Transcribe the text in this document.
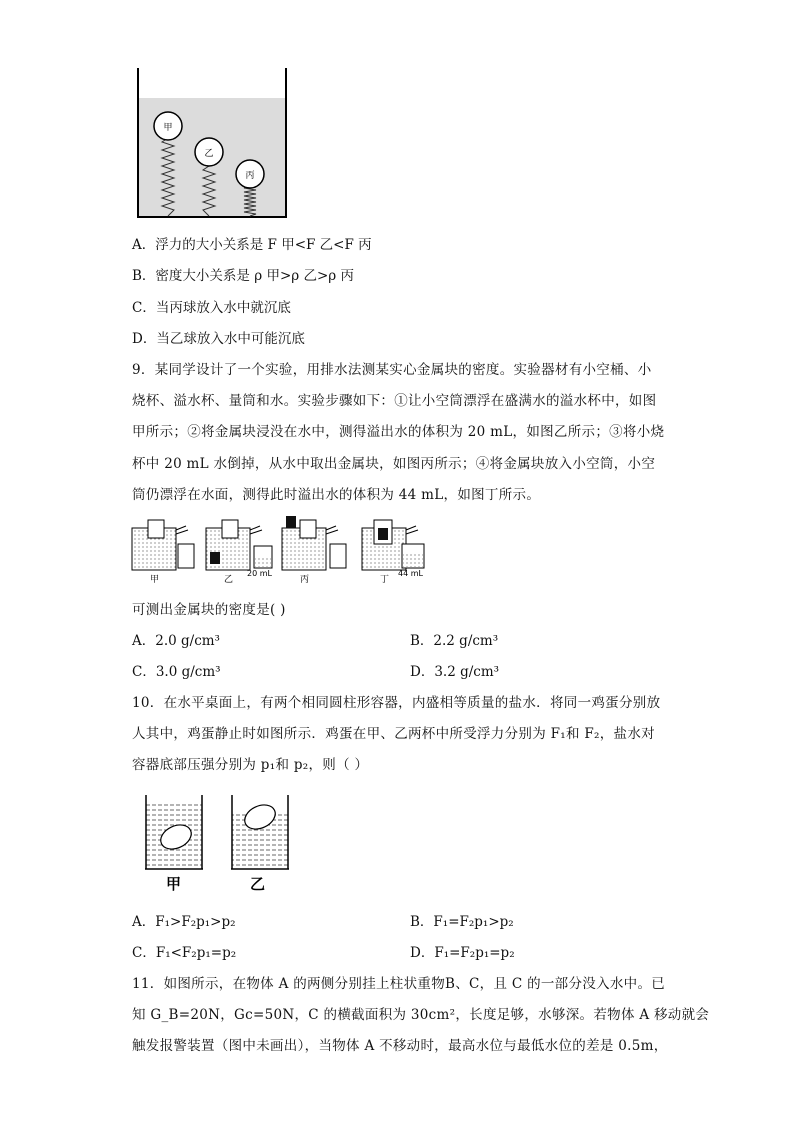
甲
乙
丙
A．浮力的大小关系是 F 甲<F 乙<F 丙
B．密度大小关系是 ρ 甲>ρ 乙>ρ 丙
C．当丙球放入水中就沉底
D．当乙球放入水中可能沉底
9．某同学设计了一个实验，用排水法测某实心金属块的密度。实验器材有小空桶、小
烧杯、溢水杯、量筒和水。实验步骤如下：①让小空筒漂浮在盛满水的溢水杯中，如图
甲所示；②将金属块浸没在水中，测得溢出水的体积为 20 mL，如图乙所示；③将小烧
杯中 20 mL 水倒掉，从水中取出金属块，如图丙所示；④将金属块放入小空筒，小空
筒仍漂浮在水面，测得此时溢出水的体积为 44 mL，如图丁所示。
甲	乙
20 mL
丙	丁
44 mL
可测出金属块的密度是( )
A．2.0 g/cm³	B．2.2 g/cm³
C．3.0 g/cm³	D．3.2 g/cm³
10．在水平桌面上，有两个相同圆柱形容器，内盛相等质量的盐水．将同一鸡蛋分别放
人其中，鸡蛋静止时如图所示．鸡蛋在甲、乙两杯中所受浮力分别为 F₁和 F₂，盐水对
容器底部压强分别为 p₁和 p₂，则（ ）
甲	乙
A．F₁>F₂p₁>p₂	B．F₁=F₂p₁>p₂
C．F₁<F₂p₁=p₂	D．F₁=F₂p₁=p₂
11．如图所示，在物体 A 的两侧分别挂上柱状重物B、C，且 C 的一部分没入水中。已
知 G_B=20N，Gc=50N，C 的横截面积为 30cm²，长度足够，水够深。若物体 A 移动就会
触发报警装置（图中未画出），当物体 A 不移动时，最高水位与最低水位的差是 0.5m，
